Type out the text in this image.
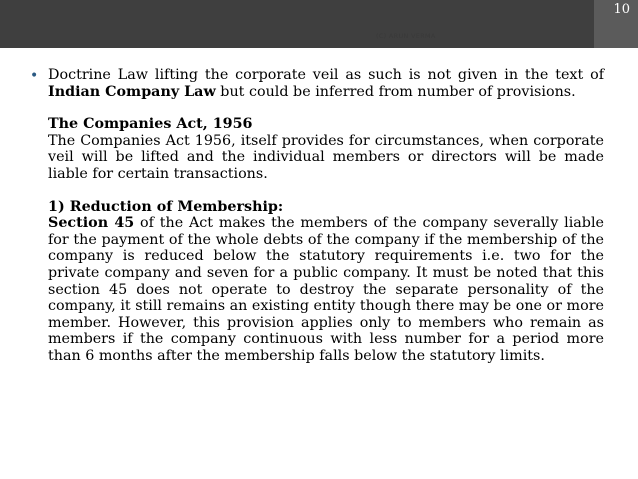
10
(C) ARUN VERMA
• Doctrine Law lifting the corporate veil as such is not given in the text of Indian Company Law but could be inferred from number of provisions.

The Companies Act, 1956

The Companies Act 1956, itself provides for circumstances, when corporate veil will be lifted and the individual members or directors will be made liable for certain transactions.

1) Reduction of Membership:

Section 45 of the Act makes the members of the company severally liable for the payment of the whole debts of the company if the membership of the company is reduced below the statutory requirements i.e. two for the private company and seven for a public company. It must be noted that this section 45 does not operate to destroy the separate personality of the company, it still remains an existing entity though there may be one or more member. However, this provision applies only to members who remain as members if the company continuous with less number for a period more than 6 months after the membership falls below the statutory limits.
